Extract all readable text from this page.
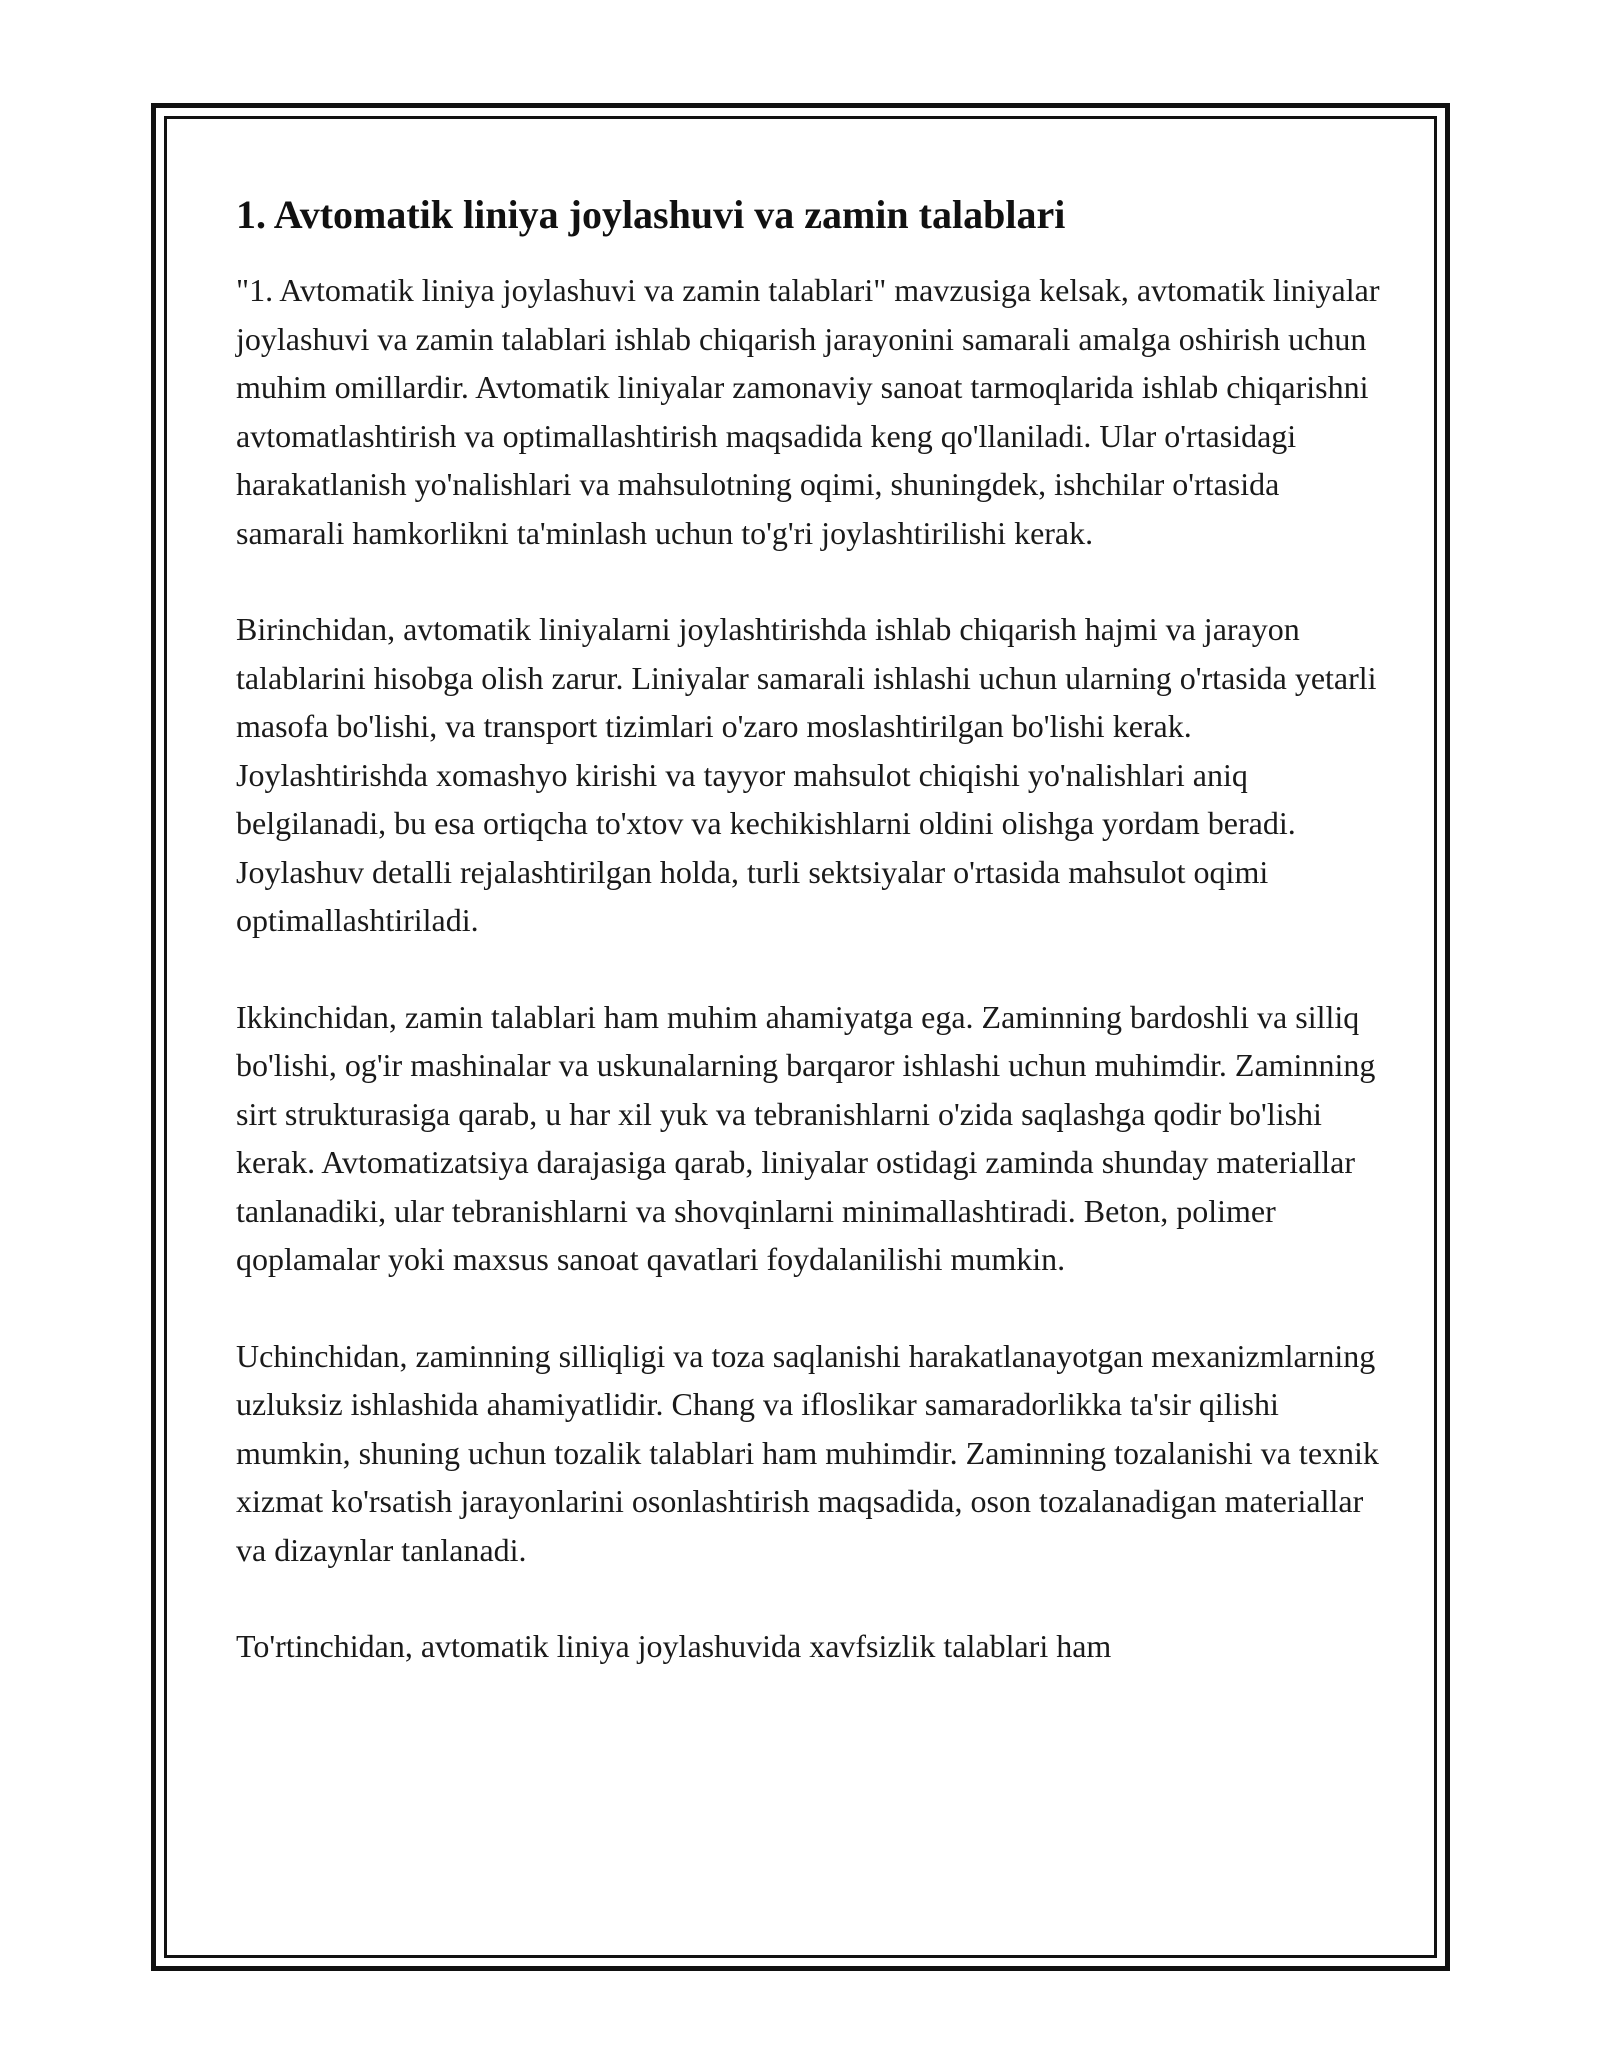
1. Avtomatik liniya joylashuvi va zamin talablari

"1. Avtomatik liniya joylashuvi va zamin talablari" mavzusiga kelsak, avtomatik liniyalar joylashuvi va zamin talablari ishlab chiqarish jarayonini samarali amalga oshirish uchun muhim omillardir. Avtomatik liniyalar zamonaviy sanoat tarmoqlarida ishlab chiqarishni avtomatlashtirish va optimallashtirish maqsadida keng qo'llaniladi. Ular o'rtasidagi harakatlanish yo'nalishlari va mahsulotning oqimi, shuningdek, ishchilar o'rtasida samarali hamkorlikni ta'minlash uchun to'g'ri joylashtirilishi kerak.

Birinchidan, avtomatik liniyalarni joylashtirishda ishlab chiqarish hajmi va jarayon talablarini hisobga olish zarur. Liniyalar samarali ishlashi uchun ularning o'rtasida yetarli masofa bo'lishi, va transport tizimlari o'zaro moslashtirilgan bo'lishi kerak. Joylashtirishda xomashyo kirishi va tayyor mahsulot chiqishi yo'nalishlari aniq belgilanadi, bu esa ortiqcha to'xtov va kechikishlarni oldini olishga yordam beradi. Joylashuv detalli rejalashtirilgan holda, turli sektsiyalar o'rtasida mahsulot oqimi optimallashtiriladi.

Ikkinchidan, zamin talablari ham muhim ahamiyatga ega. Zaminning bardoshli va silliq bo'lishi, og'ir mashinalar va uskunalarning barqaror ishlashi uchun muhimdir. Zaminning sirt strukturasiga qarab, u har xil yuk va tebranishlarni o'zida saqlashga qodir bo'lishi kerak. Avtomatizatsiya darajasiga qarab, liniyalar ostidagi zaminda shunday materiallar tanlanadiki, ular tebranishlarni va shovqinlarni minimallashtiradi. Beton, polimer qoplamalar yoki maxsus sanoat qavatlari foydalanilishi mumkin.

Uchinchidan, zaminning silliqligi va toza saqlanishi harakatlanayotgan mexanizmlarning uzluksiz ishlashida ahamiyatlidir. Chang va ifloslikar samaradorlikka ta'sir qilishi mumkin, shuning uchun tozalik talablari ham muhimdir. Zaminning tozalanishi va texnik xizmat ko'rsatish jarayonlarini osonlashtirish maqsadida, oson tozalanadigan materiallar va dizaynlar tanlanadi.

To'rtinchidan, avtomatik liniya joylashuvida xavfsizlik talablari ham
